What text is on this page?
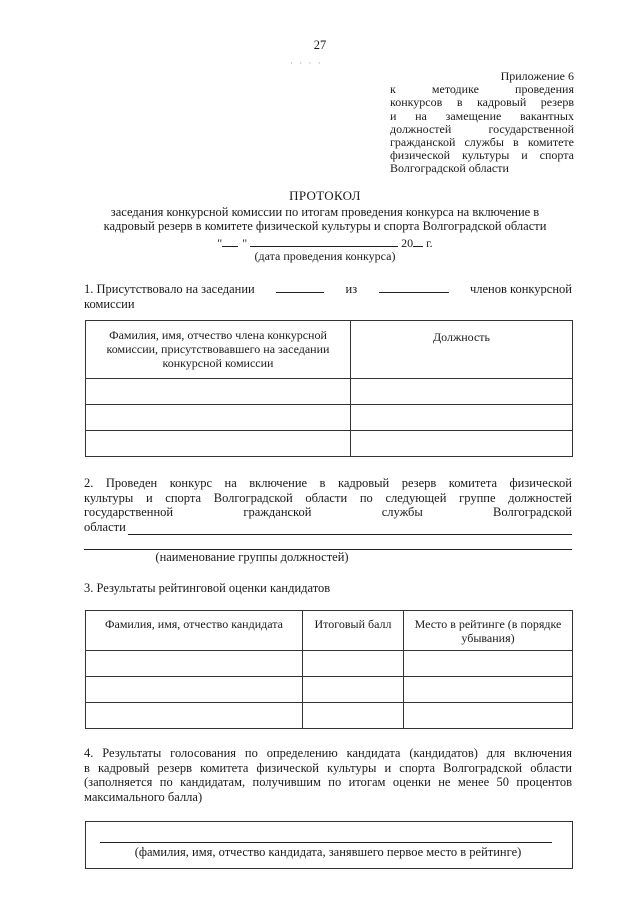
27
· · · ·
Приложение 6
к методике проведения
конкурсов в кадровый резерв
и на замещение вакантных
должностей государственной
гражданской службы в комитете
физической культуры и спорта
Волгоградской области
ПРОТОКОЛ
заседания конкурсной комиссии по итогам проведения конкурса на включение в
кадровый резерв в комитете физической культуры и спорта Волгоградской области
" "	20 г.
(дата проведения конкурса)
1. Присутствовало на заседании	из	членов конкурсной
комиссии
Фамилия, имя, отчество члена конкурсной комиссии, присутствовавшего на заседании конкурсной комиссии	Должность

2. Проведен конкурс на включение в кадровый резерв комитета физической
культуры и спорта Волгоградской области по следующей группе должностей
государственной гражданской службы Волгоградской
области
(наименование группы должностей)
3. Результаты рейтинговой оценки кандидатов
Фамилия, имя, отчество кандидата	Итоговый балл	Место в рейтинге (в порядке убывания)

4. Результаты голосования по определению кандидата (кандидатов) для включения
в кадровый резерв комитета физической культуры и спорта Волгоградской области
(заполняется по кандидатам, получившим по итогам оценки не менее 50 процентов
максимального балла)
(фамилия, имя, отчество кандидата, занявшего первое место в рейтинге)
